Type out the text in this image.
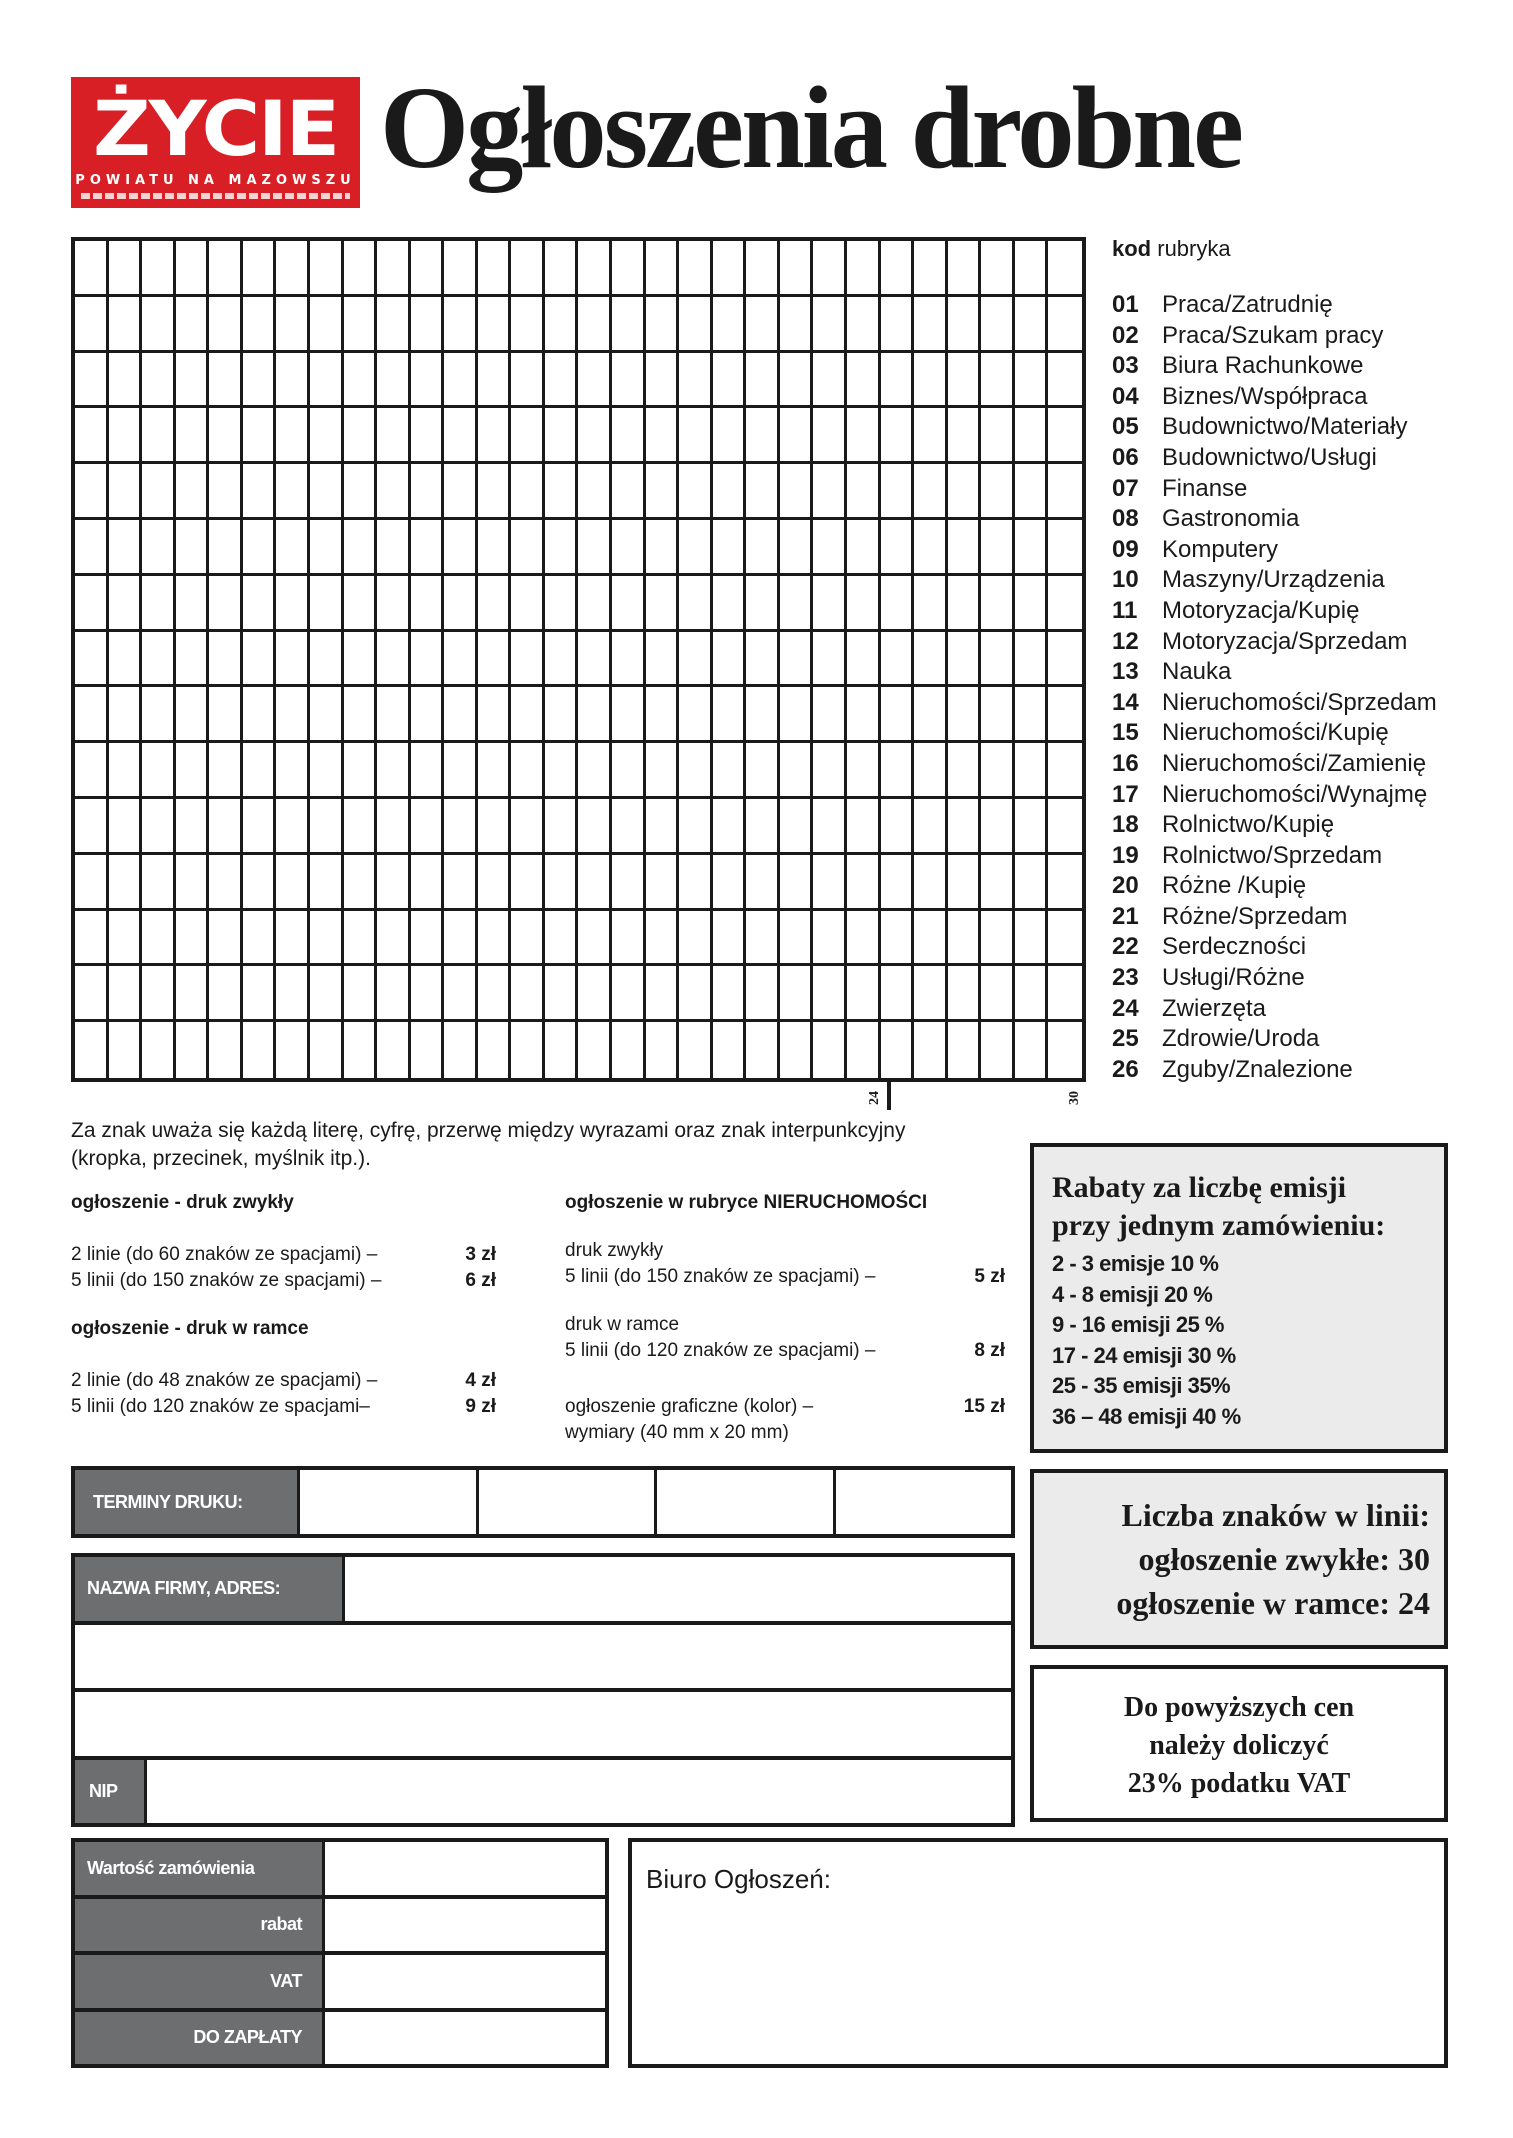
ŻYCIE
POWIATU NA MAZOWSZU Ogłoszenia drobne
24	30
kod rubryka
01 Praca/Zatrudnię
02 Praca/Szukam pracy
03 Biura Rachunkowe
04 Biznes/Współpraca
05 Budownictwo/Materiały
06 Budownictwo/Usługi
07 Finanse
08 Gastronomia
09 Komputery
10 Maszyny/Urządzenia
11	Motoryzacja/Kupię
12 Motoryzacja/Sprzedam
13 Nauka
14 Nieruchomości/Sprzedam
15 Nieruchomości/Kupię
16 Nieruchomości/Zamienię
17 Nieruchomości/Wynajmę
18 Rolnictwo/Kupię
19 Rolnictwo/Sprzedam
20 Różne /Kupię
21 Różne/Sprzedam
22 Serdeczności
23 Usługi/Różne
24 Zwierzęta
25 Zdrowie/Uroda
26 Zguby/Znalezione
Za znak uważa się każdą literę, cyfrę, przerwę między wyrazami oraz znak interpunkcyjny
(kropka, przecinek, myślnik itp.).
ogłoszenie - druk zwykły
2 linie (do 60 znaków ze spacjami) –	3 zł
5 linii (do 150 znaków ze spacjami) –	6 zł
ogłoszenie - druk w ramce
2 linie (do 48 znaków ze spacjami) –	4 zł
5 linii (do 120 znaków ze spacjami–	9 zł
ogłoszenie w rubryce NIERUCHOMOŚCI
druk zwykły
5 linii (do 150 znaków ze spacjami) –	5 zł
druk w ramce
5 linii (do 120 znaków ze spacjami) –	8 zł
ogłoszenie graficzne (kolor) –	15 zł
wymiary (40 mm x 20 mm)
Rabaty za liczbę emisji
przy jednym zamówieniu:
2 - 3 emisje 10 %
4 - 8 emisji 20 %
9 - 16 emisji 25 %
17 - 24 emisji 30 %
25 - 35 emisji 35%
36 – 48 emisji 40 %
Liczba znaków w linii:
ogłoszenie zwykłe: 30
ogłoszenie w ramce: 24
Do powyższych cen
należy doliczyć
23% podatku VAT
TERMINY DRUKU:
NAZWA FIRMY, ADRES:
NIP
Wartość zamówienia
rabat
VAT
DO ZAPŁATY
Biuro Ogłoszeń:
